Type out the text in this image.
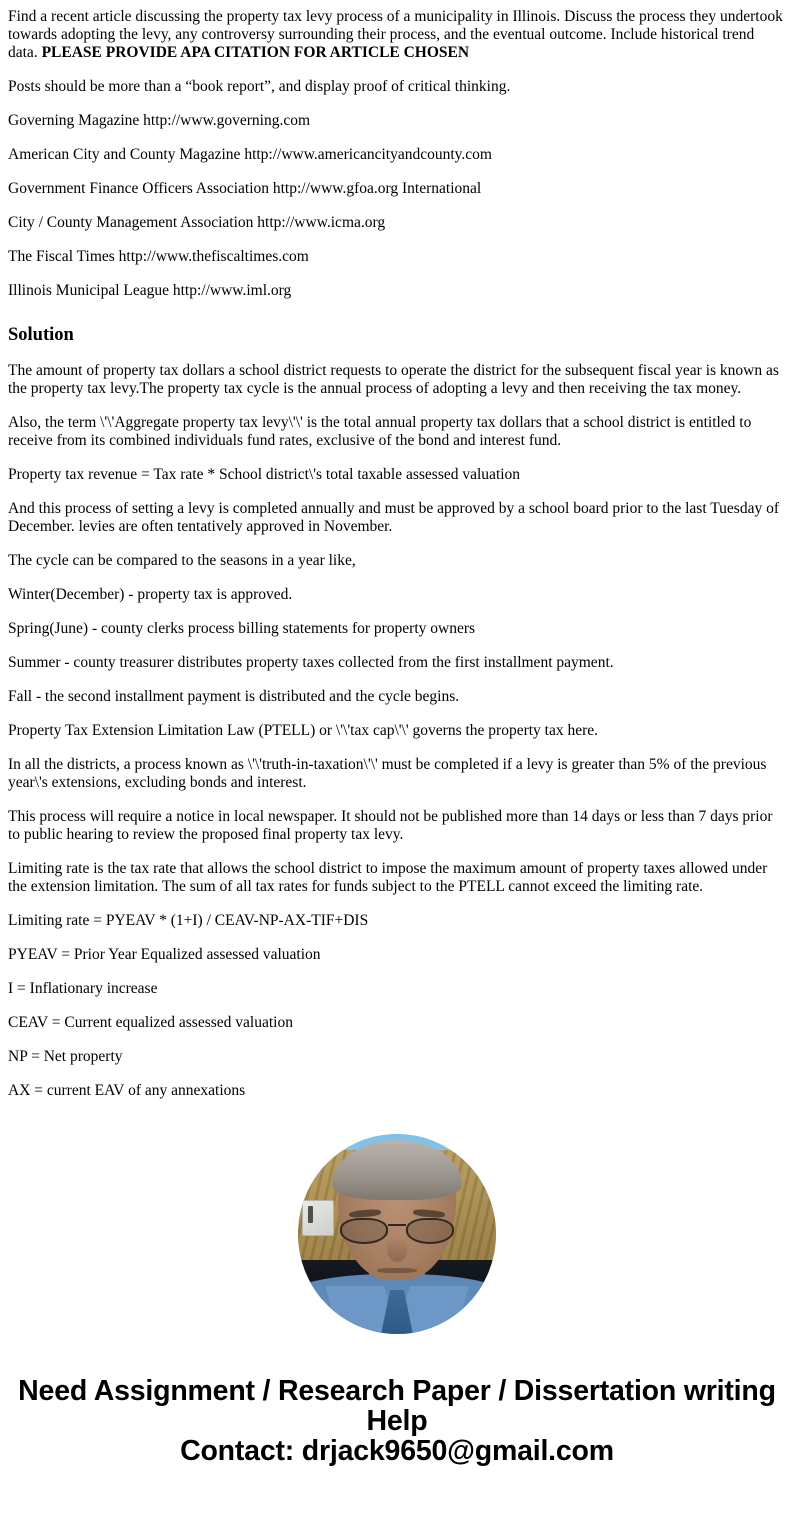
Find a recent article discussing the property tax levy process of a municipality in Illinois. Discuss the process they undertook towards adopting the levy, any controversy surrounding their process, and the eventual outcome. Include historical trend data. PLEASE PROVIDE APA CITATION FOR ARTICLE CHOSEN

Posts should be more than a “book report”, and display proof of critical thinking.

Governing Magazine http://www.governing.com

American City and County Magazine http://www.americancityandcounty.com

Government Finance Officers Association http://www.gfoa.org International

City / County Management Association http://www.icma.org

The Fiscal Times http://www.thefiscaltimes.com

Illinois Municipal League http://www.iml.org

Solution

The amount of property tax dollars a school district requests to operate the district for the subsequent fiscal year is known as the property tax levy.The property tax cycle is the annual process of adopting a levy and then receiving the tax money.

Also, the term \'\'Aggregate property tax levy\'\' is the total annual property tax dollars that a school district is entitled to receive from its combined individuals fund rates, exclusive of the bond and interest fund.

Property tax revenue = Tax rate * School district\'s total taxable assessed valuation

And this process of setting a levy is completed annually and must be approved by a school board prior to the last Tuesday of December. levies are often tentatively approved in November.

The cycle can be compared to the seasons in a year like,

Winter(December) - property tax is approved.

Spring(June) - county clerks process billing statements for property owners

Summer - county treasurer distributes property taxes collected from the first installment payment.

Fall - the second installment payment is distributed and the cycle begins.

Property Tax Extension Limitation Law (PTELL) or \'\'tax cap\'\' governs the property tax here.

In all the districts, a process known as \'\'truth-in-taxation\'\' must be completed if a levy is greater than 5% of the previous year\'s extensions, excluding bonds and interest.

This process will require a notice in local newspaper. It should not be published more than 14 days or less than 7 days prior to public hearing to review the proposed final property tax levy.

Limiting rate is the tax rate that allows the school district to impose the maximum amount of property taxes allowed under the extension limitation. The sum of all tax rates for funds subject to the PTELL cannot exceed the limiting rate.

Limiting rate = PYEAV * (1+I) / CEAV-NP-AX-TIF+DIS

PYEAV = Prior Year Equalized assessed valuation

I = Inflationary increase

CEAV = Current equalized assessed valuation

NP = Net property

AX = current EAV of any annexations

Need Assignment / Research Paper / Dissertation writing Help
Contact: drjack9650@gmail.com
